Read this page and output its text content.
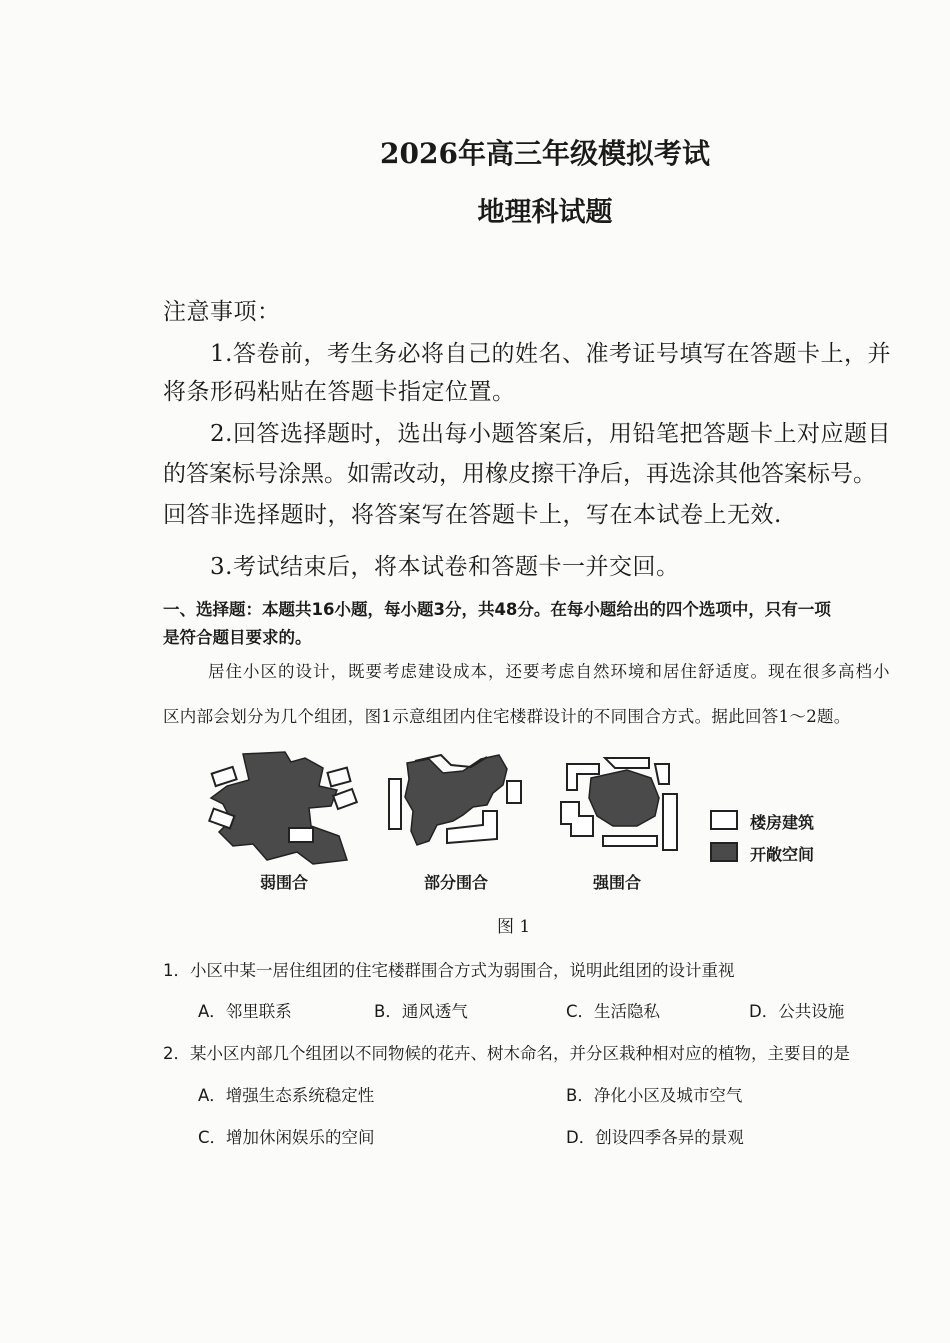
2026年高三年级模拟考试
地理科试题
注意事项：
1.答卷前，考生务必将自己的姓名、准考证号填写在答题卡上，并
将条形码粘贴在答题卡指定位置。
2.回答选择题时，选出每小题答案后，用铅笔把答题卡上对应题目
的答案标号涂黑。如需改动，用橡皮擦干净后，再选涂其他答案标号。
回答非选择题时，将答案写在答题卡上，写在本试卷上无效.
3.考试结束后，将本试卷和答题卡一并交回。
一、选择题：本题共16小题，每小题3分，共48分。在每小题给出的四个选项中，只有一项
是符合题目要求的。
居住小区的设计，既要考虑建设成本，还要考虑自然环境和居住舒适度。现在很多高档小
区内部会划分为几个组团，图1示意组团内住宅楼群设计的不同围合方式。据此回答1～2题。
弱围合	部分围合	强围合
楼房建筑
开敞空间
图 1
1．小区中某一居住组团的住宅楼群围合方式为弱围合，说明此组团的设计重视
A．邻里联系	B．通风透气	C．生活隐私	D．公共设施
2．某小区内部几个组团以不同物候的花卉、树木命名，并分区栽种相对应的植物，主要目的是
A．增强生态系统稳定性	B．净化小区及城市空气
C．增加休闲娱乐的空间	D．创设四季各异的景观
